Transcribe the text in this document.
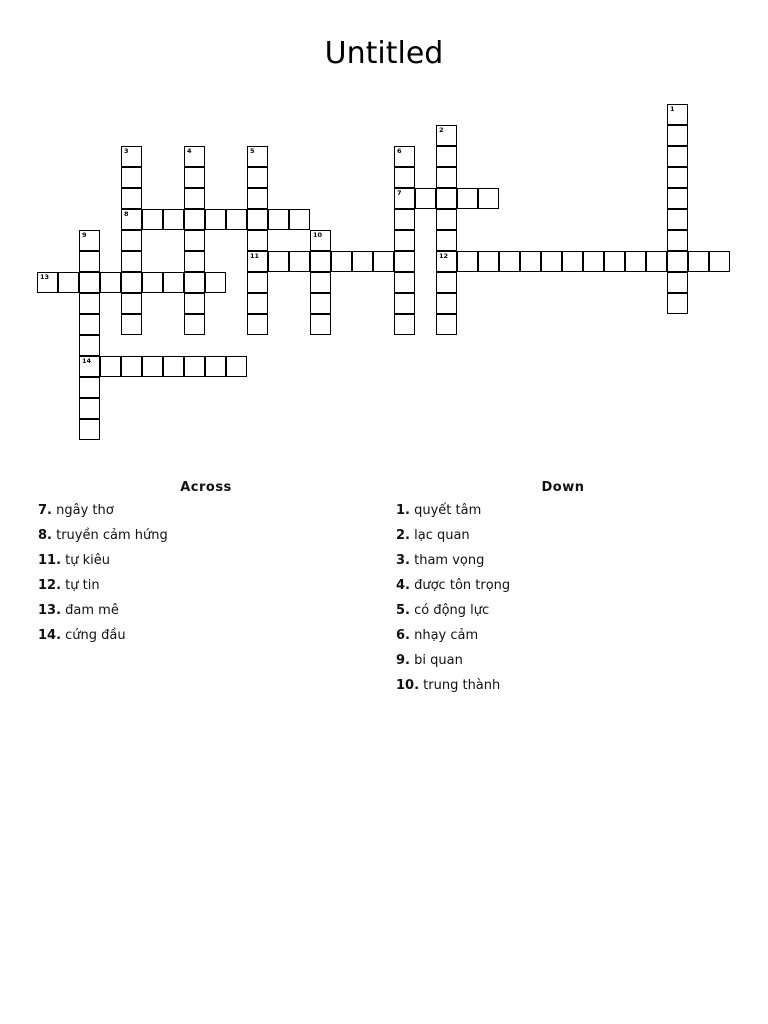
Untitled
1
2
12
3
8
4	5
11
6
7
9
14
10
13
Across
7. ngây thơ
8. truyền cảm hứng
11. tự kiêu
12. tự tin
13. đam mê
14. cứng đầu
Down
1. quyết tâm
2. lạc quan
3. tham vọng
4. được tôn trọng
5. có động lực
6. nhạy cảm
9. bi quan
10. trung thành
